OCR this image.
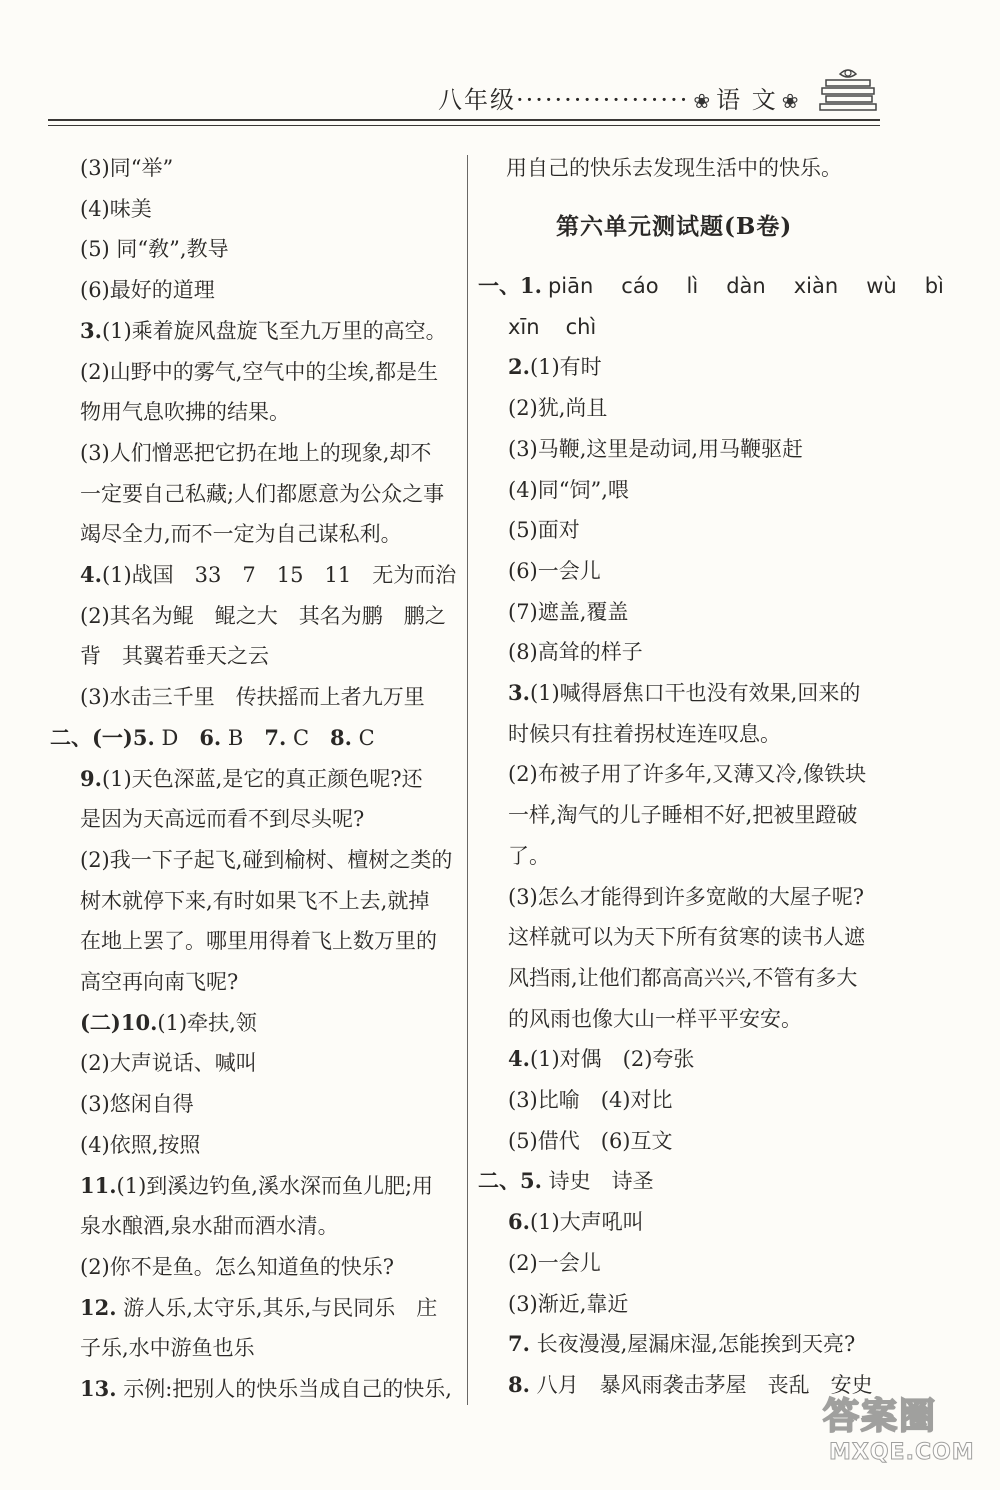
八年级·················· ❀ 语 文 ❀
(3)同“举”
(4)味美
(5) 同“敎”,教导
(6)最好的道理
3.(1)乘着旋风盘旋飞至九万里的高空。
(2)山野中的雾气,空气中的尘埃,都是生
物用气息吹拂的结果。
(3)人们憎恶把它扔在地上的现象,却不
一定要自己私藏;人们都愿意为公众之事
竭尽全力,而不一定为自己谋私利。
4.(1)战国　33　7　15　11　无为而治
(2)其名为鲲　鲲之大　其名为鹏　鹏之
背　其翼若垂天之云
(3)水击三千里　传扶摇而上者九万里
二、(一)5. D　6. B　7. C　8. C
9.(1)天色深蓝,是它的真正颜色呢?还
是因为天高远而看不到尽头呢?
(2)我一下子起飞,碰到榆树、檀树之类的
树木就停下来,有时如果飞不上去,就掉
在地上罢了。哪里用得着飞上数万里的
高空再向南飞呢?
(二)10.(1)牵扶,领
(2)大声说话、喊叫
(3)悠闲自得
(4)依照,按照
11.(1)到溪边钓鱼,溪水深而鱼儿肥;用
泉水酿酒,泉水甜而酒水清。
(2)你不是鱼。怎么知道鱼的快乐?
12. 游人乐,太守乐,其乐,与民同乐　庄
子乐,水中游鱼也乐
13. 示例:把别人的快乐当成自己的快乐,
用自己的快乐去发现生活中的快乐。
第六单元测试题(B卷)
一、1. piān cáo lì dàn xiàn wù bì
xīn chì
2.(1)有时
(2)犹,尚且
(3)马鞭,这里是动词,用马鞭驱赶
(4)同“饲”,喂
(5)面对
(6)一会儿
(7)遮盖,覆盖
(8)高耸的样子
3.(1)喊得唇焦口干也没有效果,回来的
时候只有拄着拐杖连连叹息。
(2)布被子用了许多年,又薄又冷,像铁块
一样,淘气的儿子睡相不好,把被里蹬破
了。
(3)怎么才能得到许多宽敞的大屋子呢?
这样就可以为天下所有贫寒的读书人遮
风挡雨,让他们都高高兴兴,不管有多大
的风雨也像大山一样平平安安。
4.(1)对偶　(2)夸张
(3)比喻　(4)对比
(5)借代　(6)互文
二、5. 诗史　诗圣
6.(1)大声吼叫
(2)一会儿
(3)渐近,靠近
7. 长夜漫漫,屋漏床湿,怎能挨到天亮?
8. 八月　暴风雨袭击茅屋　丧乱　安史
答案圈
MXQE.COM
